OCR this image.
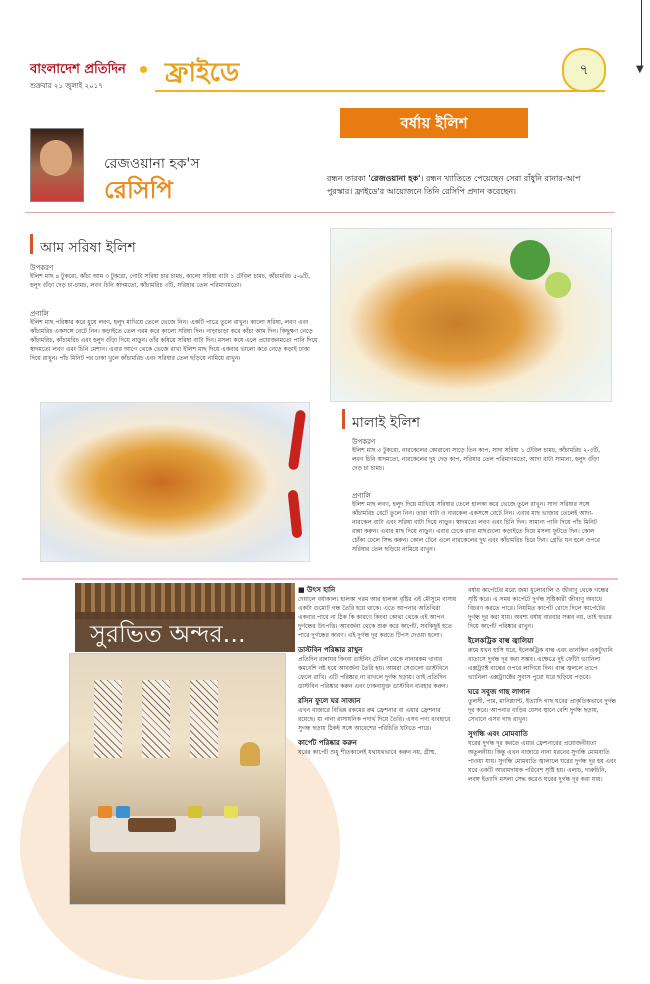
▼
বাংলাদেশ প্রতিদিন
শুক্রবার ২১ জুলাই ২০১৭ ফ্রাইডে	৭
বর্ষায় ইলিশ
রেজওয়ানা হক'স
রেসিপি	রন্ধন তারকা 'রেজওয়ানা হক'। রন্ধন খ্যাতিতে পেয়েছেন সেরা রাঁধুনি রানার-আপ পুরস্কার। ফ্রাইডে'র আয়োজনে তিনি রেসিপি প্রদান করেছেন।
আম সরিষা ইলিশ
উপকরণ
ইলিশ মাছ ৪ টুকরো, কাঁচা আম ৩ টুকরো, গোটা সরিষা চার চামচ, কালো সরিষা বাটা ১ টেবিল চামচ, কাঁচামরিচ ৫-৬টি, হলুদ গুঁড়া দেড় চা-চামচ, লবণ চিনি স্বাদমতো, কাঁচামরিচ ৩টি, সরিষার তেল পরিমাণমতো।
প্রণালি
ইলিশ মাছ পরিষ্কার করে ধুয়ে লবণ, হলুদ মাখিয়ে তেলে ভেজে নিন। একটি পাত্রে তুলে রাখুন। কালো সরিষা, লবণ এবং কাঁচামরিচ একসঙ্গে বেটে নিন। কড়াইতে তেল গরম করে কালো সরিষা দিন। নাড়াচাড়া করে কাঁচা আম দিন। কিছুক্ষণ নেড়ে কাঁচামরিচ, কাঁচামরিচ এবং হলুদ গুঁড়া দিয়ে নাড়ুন। তাঁর কষিয়ে সরিষা বাটা দিন। মসলা কষে এলে প্রয়োজনমতো পানি দিয়ে স্বাদমতো লবণ এবং চিনি মেশান। এবার আগে থেকে ভেজে রাখা ইলিশ মাছ দিয়ে একবার ভালো করে নেড়ে কড়াই ঢাকা দিয়ে রাখুন। পাঁচ মিনিট পর ঢাকা খুলে কাঁচামরিচ এবং সরিষার তেল ছড়িয়ে নামিয়ে রাখুন।
মালাই ইলিশ
উপকরণ
ইলিশ মাছ ৩ টুকরো, নারকেলের কোরানো সাড়ে তিন কাপ, সাদা সরিষা ১ টেবিল চামচ, কাঁচামরিচ ২-৩টি, লবণ চিনি স্বাদমতো, নারকেলের দুধ দেড় কাপ, সরিষার তেল পরিমাণমতো, আদা বাটা সামান্য, হলুদ গুঁড়া দেড় চা চামচ।
প্রণালি
ইলিশ মাছ লবণ, হলুদ দিয়ে মাখিয়ে সরিষার তেলে হালকা করে ভেজে তুলে রাখুন। সাদা সরিষার সঙ্গে কাঁচামরিচ বেটে তুলে নিন। তারা বাটা ও নারকেল একসঙ্গে বেটে নিন। এবার মাছ ভাজার তেলেই আদা-নারকেল বাটা এবং সরিষা বাটা দিয়ে নাড়ুন। স্বাদমতো লবণ এবং চিনি দিন। সামান্য পানি দিয়ে পাঁচ মিনিট রান্না করুন। এবার মাছ দিয়ে নাড়ুন। এবার ঢেকে রাখা মাছগুলো কড়াইতে দিয়ে মসলা ফুটতে দিন। কোল চোঁকা ঢেলে সিদ্ধ করুন। কোল টেনে এলে নারকেলের দুধ এবং কাঁচামরিচ চিরে দিন। গ্রেভি ঘন হলে ওপরে সরিষার তেল ছড়িয়ে নামিয়ে রাখুন।
সুরভিত অন্দর...
■ উৎস হানি
দেয়ালে বর্ষাকাল। হালকা গরম আর হালকা বৃষ্টির এই মৌসুমে বাসায় একটা গুমোট গন্ধ তৈরি হয়ে থাকে। এতে আপনার অতিথিরা একবার পারে না ঠিক কি কারণে কিংবা কোথা থেকে এই আপন দুর্গন্ধের উৎপত্তি। আবর্জনা থেকে শুরু করে কার্পেট, সবকিছুই হতে পারে দুর্গন্ধের কারণ। এই দুর্গন্ধ দূর করতে টিপস দেওয়া হলো।
ডাস্টবিন পরিষ্কার রাখুন
প্রতিদিন রান্নাঘর কিংবা ডাইনিং টেবিল থেকে নানারকম খাবার কমবেশি নষ্ট হয়ে আবর্জনা তৈরি হয়। আমরা সেগুলো ডাস্টবিনে ফেলে রাখি। এটি পরিষ্কার না রাখলে দুর্গন্ধ ছড়ায়। তাই প্রতিদিন ডাস্টবিন পরিষ্কার করুন এবং ঢাকনাযুক্ত ডাস্টবিন ব্যবহার করুন।
রসিন ফুলে ঘর সাজান
এখন বাজারে বিভিন্ন রকমের রুম ফ্রেশনার বা এয়ার ফ্রেশনার রয়েছে। যা নানা রাসায়নিক পদার্থ দিয়ে তৈরি। এসব পণ্য ব্যবহারে সুগন্ধ ছড়ায় ঠিকই সঙ্গে আবেশের পরিচিতি ঘটাতে পারে।
কার্পেট পরিষ্কার করুন
ঘরের কার্পেট শুধু শীতকালেই যথাযথভাবে করুন নয়, গ্রীষ্ম,
বর্ষায় কার্পেটের মধ্যে জমা ধুলোবালি ও জীবাণু থেকে গন্ধের সৃষ্টি করে। এ সময় কার্পেটে দুর্গন্ধ সৃষ্টিকারী জীবাণু অবাধে বিচরণ করতে পারে। নিয়মিত কার্পেট রোদে দিলে কার্পেটের দুর্গন্ধ দূর করা যায়। অবশ্য বর্ষায় বারবার সম্ভব নয়, তাই হুভার দিয়ে কার্পেট পরিষ্কার রাখুন।
ইলেকট্রিক বাল্ব জ্বালিয়া
রুমে যখন হাসি ঘরে, ইলেকট্রিক বাল্ব এবং তানকিন একটুখানি বাতাসে দুর্গন্ধ দূর করা সম্ভব। এক্ষেত্রে দুই ফোঁটা ভ্যানিলা এক্সট্র্যাক্ট বাল্বের ওপরে লাগিয়ে দিন। বাল্ব জ্বললে তাপে ভ্যানিলা এক্সট্র্যাক্টের সুবাস পুরো ঘরে ছড়িয়ে পড়বে।
ঘরে সবুজ গাছ লাগান
তুলসী, পাম, মানিপ্ল্যান্ট, ইত্যাদি গাছ ঘরের প্রাকৃতিকভাবে দুর্গন্ধ দূর করে। আপনার বাড়ির যেসব স্থানে বেশি দুর্গন্ধ ছড়ায়, সেখানে এসব গাছ রাখুন।
সুগন্ধি এবং মোমবাতি
ঘরের দুর্গন্ধ দূর করতে এয়ার ফ্রেশনারের প্রয়োজনীয়তা অতুলনীয়। কিন্তু এখন বাজারে নানা ধরনের সুগন্ধি মোমবাতি পাওয়া যায়। সুগন্ধি মোমবাতি জ্বালালে ঘরের দুর্গন্ধ দূর হয় এবং ঘরে একটি আরামদায়ক পরিবেশ সৃষ্টি হয়। এলাচ, দারুচিনি, লবঙ্গ ইত্যাদি মসলা সেদ্ধ করেও ঘরের দুর্গন্ধ দূর করা যায়।
